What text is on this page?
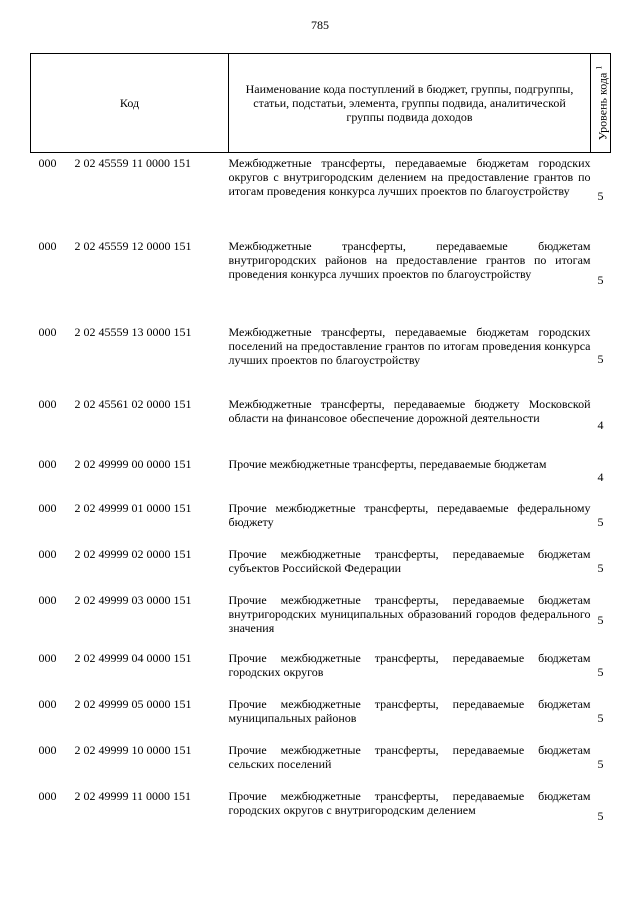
785
Код	Наименование кода поступлений в бюджет, группы, подгруппы, статьи, подстатьи, элемента, группы подвида, аналитической группы подвида доходов	Уровень кода $^1$

000 2 02 45559 11 0000 151	Межбюджетные трансферты, передаваемые бюджетам городских округов с внутригородским делением на предоставление грантов по итогам проведения конкурса лучших проектов по благоустройству	5
000 2 02 45559 12 0000 151	Межбюджетные трансферты, передаваемые бюджетам внутригородских районов на предоставление грантов по итогам проведения конкурса лучших проектов по благоустройству	5
000 2 02 45559 13 0000 151	Межбюджетные трансферты, передаваемые бюджетам городских поселений на предоставление грантов по итогам проведения конкурса лучших проектов по благоустройству	5
000 2 02 45561 02 0000 151	Межбюджетные трансферты, передаваемые бюджету Московской области на финансовое обеспечение дорожной деятельности	4
000 2 02 49999 00 0000 151	Прочие межбюджетные трансферты, передаваемые бюджетам	4
000 2 02 49999 01 0000 151	Прочие межбюджетные трансферты, передаваемые федеральному бюджету	5
000 2 02 49999 02 0000 151	Прочие межбюджетные трансферты, передаваемые бюджетам субъектов Российской Федерации	5
000 2 02 49999 03 0000 151	Прочие межбюджетные трансферты, передаваемые бюджетам внутригородских муниципальных образований городов федерального значения	5
000 2 02 49999 04 0000 151	Прочие межбюджетные трансферты, передаваемые бюджетам городских округов	5
000 2 02 49999 05 0000 151	Прочие межбюджетные трансферты, передаваемые бюджетам муниципальных районов	5
000 2 02 49999 10 0000 151	Прочие межбюджетные трансферты, передаваемые бюджетам сельских поселений	5
000 2 02 49999 11 0000 151	Прочие межбюджетные трансферты, передаваемые бюджетам городских округов с внутригородским делением	5
